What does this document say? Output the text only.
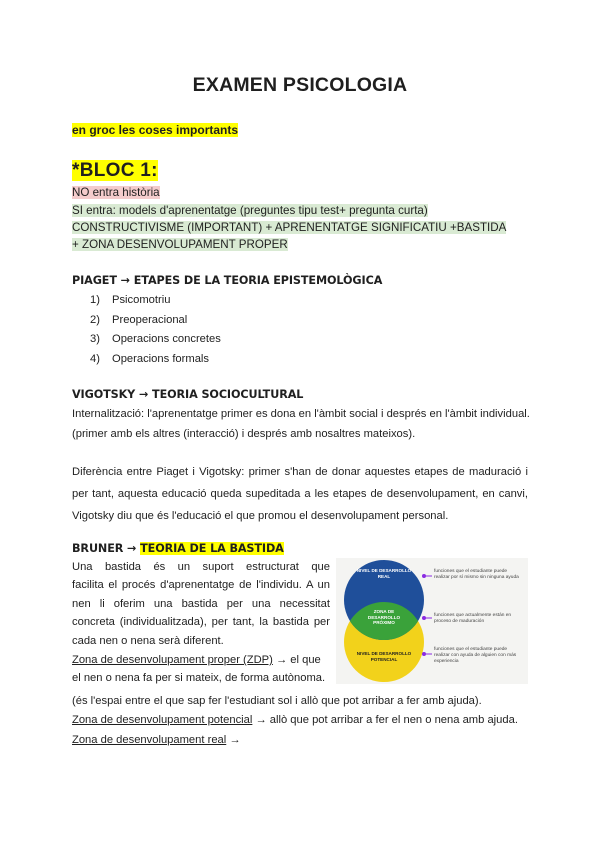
EXAMEN PSICOLOGIA
en groc les coses importants
*BLOC 1:
NO entra història
SI entra: models d'aprenentatge (preguntes tipu test+ pregunta curta)
CONSTRUCTIVISME (IMPORTANT) + APRENENTATGE SIGNIFICATIU +BASTIDA
+ ZONA DESENVOLUPAMENT PROPER
PIAGET → ETAPES DE LA TEORIA EPISTEMOLÒGICA
1) Psicomotriu
2) Preoperacional
3) Operacions concretes
4) Operacions formals
VIGOTSKY → TEORIA SOCIOCULTURAL
Internalització: l'aprenentatge primer es dona en l'àmbit social i després en l'àmbit individual.
(primer amb els altres (interacció) i després amb nosaltres mateixos).
Diferència entre Piaget i Vigotsky: primer s'han de donar aquestes etapes de maduració i
per tant, aquesta educació queda supeditada a les etapes de desenvolupament, en canvi,
Vigotsky diu que és l'educació el que promou el desenvolupament personal.
BRUNER → TEORIA DE LA BASTIDA
Una bastida és un suport estructurat que
facilita el procés d'aprenentatge de l'individu. A un
nen li oferim una bastida per una necessitat
concreta (individualitzada), per tant, la bastida per
cada nen o nena serà diferent.
Zona de desenvolupament proper (ZDP) → el que
el nen o nena fa per si mateix, de forma autònoma.
(és l'espai entre el que sap fer l'estudiant sol i allò que pot arribar a fer amb ajuda).
Zona de desenvolupament potencial → allò que pot arribar a fer el nen o nena amb ajuda.
Zona de desenvolupament real →
NIVEL DE DESARROLLO REAL
ZONA DE DESARROLLO PRÓXIMO
NIVEL DE DESARROLLO POTENCIAL
funciones que el estudiante puede realizar por sí mismo sin ninguna ayuda
funciones que actualmente están en proceso de maduración
funciones que el estudiante puede realizar con ayuda de alguien con más experiencia
